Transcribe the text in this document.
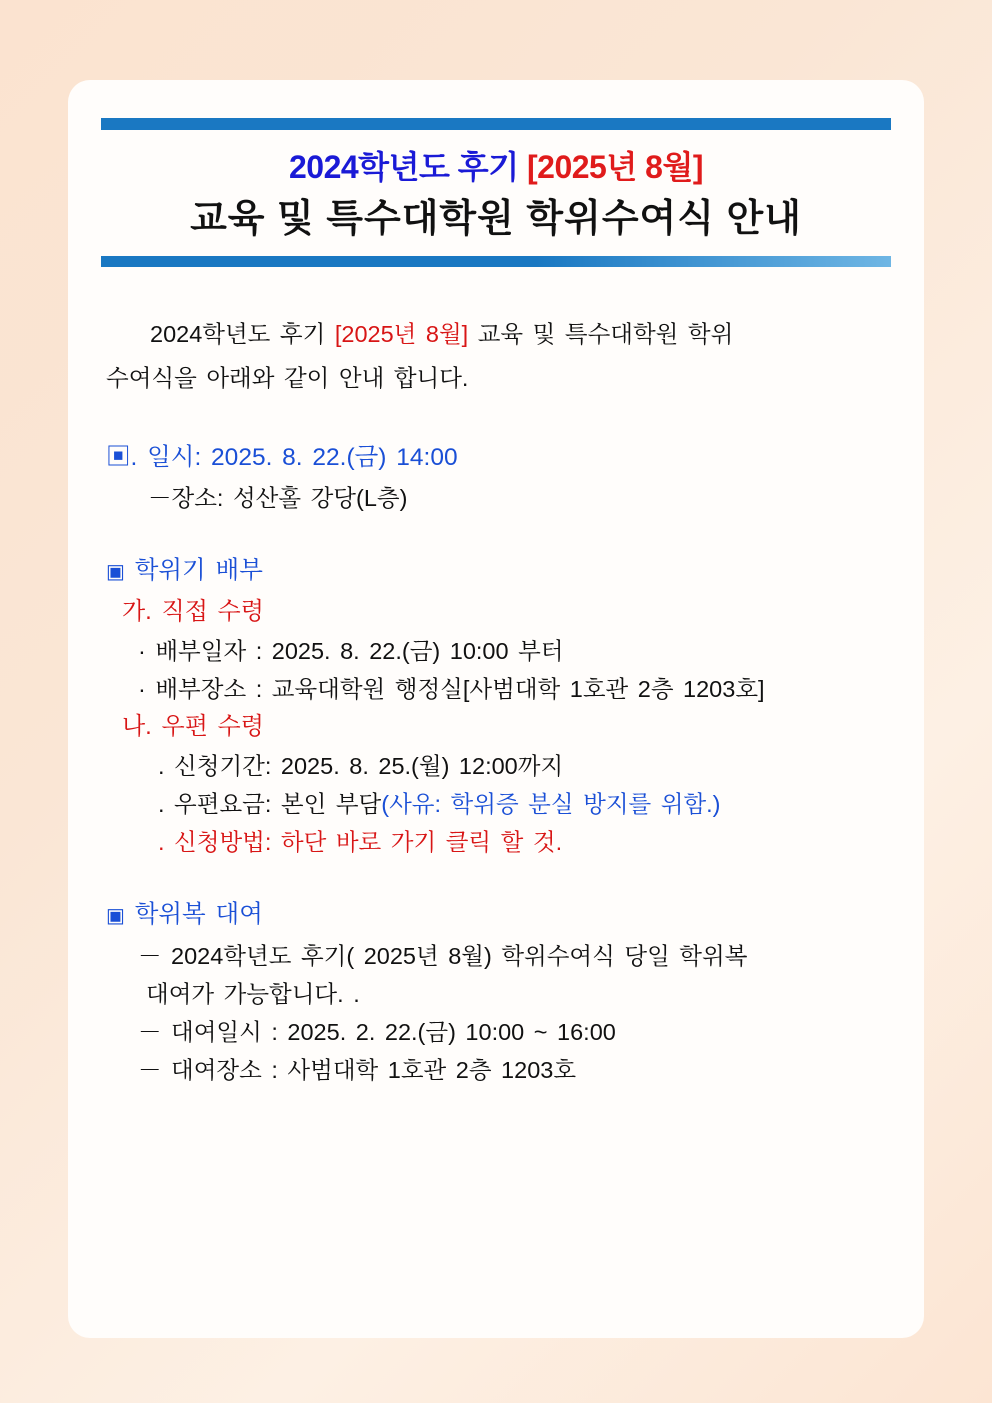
2024학년도 후기 [2025년 8월]
교육 및 특수대학원 학위수여식 안내
2024학년도 후기 [2025년 8월] 교육 및 특수대학원 학위
수여식을 아래와 같이 안내 합니다.
▣. 일시: 2025. 8. 22.(금) 14:00
－장소: 성산홀 강당(L층)
▣ 학위기 배부
가. 직접 수령
· 배부일자 : 2025. 8. 22.(금) 10:00 부터
· 배부장소 : 교육대학원 행정실[사범대학 1호관 2층 1203호]
나. 우편 수령
. 신청기간: 2025. 8. 25.(월) 12:00까지
. 우편요금: 본인 부담(사유: 학위증 분실 방지를 위함.)
. 신청방법: 하단 바로 가기 클릭 할 것.
▣ 학위복 대여
－ 2024학년도 후기( 2025년 8월) 학위수여식 당일 학위복
대여가 가능합니다. .
－ 대여일시 : 2025. 2. 22.(금) 10:00 ~ 16:00
－ 대여장소 : 사범대학 1호관 2층 1203호
